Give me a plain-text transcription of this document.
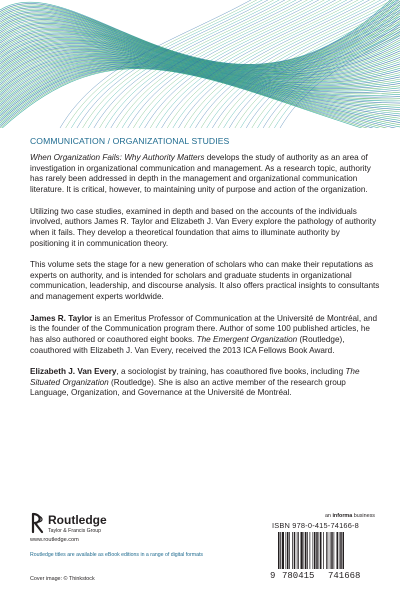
COMMUNICATION / ORGANIZATIONAL STUDIES

When Organization Fails: Why Authority Matters develops the study of authority as an area of investigation in organizational communication and management. As a research topic, authority has rarely been addressed in depth in the management and organizational communication literature. It is critical, however, to maintaining unity of purpose and action of the organization.

Utilizing two case studies, examined in depth and based on the accounts of the individuals involved, authors James R. Taylor and Elizabeth J. Van Every explore the pathology of authority when it fails. They develop a theoretical foundation that aims to illuminate authority by positioning it in communication theory.

This volume sets the stage for a new generation of scholars who can make their reputations as experts on authority, and is intended for scholars and graduate students in organizational communication, leadership, and discourse analysis. It also offers practical insights to consultants and management experts worldwide.

James R. Taylor is an Emeritus Professor of Communication at the Université de Montréal, and is the founder of the Communication program there. Author of some 100 published articles, he has also authored or coauthored eight books. The Emergent Organization (Routledge), coauthored with Elizabeth J. Van Every, received the 2013 ICA Fellows Book Award.

Elizabeth J. Van Every, a sociologist by training, has coauthored five books, including The Situated Organization (Routledge). She is also an active member of the research group Language, Organization, and Governance at the Université de Montréal.

Routledge
Taylor & Francis Group
www.routledge.com
Routledge titles are available as eBook editions in a range of digital formats
Cover image: © Thinkstock
an informa business
ISBN 978-0-415-74166-8
9 780415 741668
